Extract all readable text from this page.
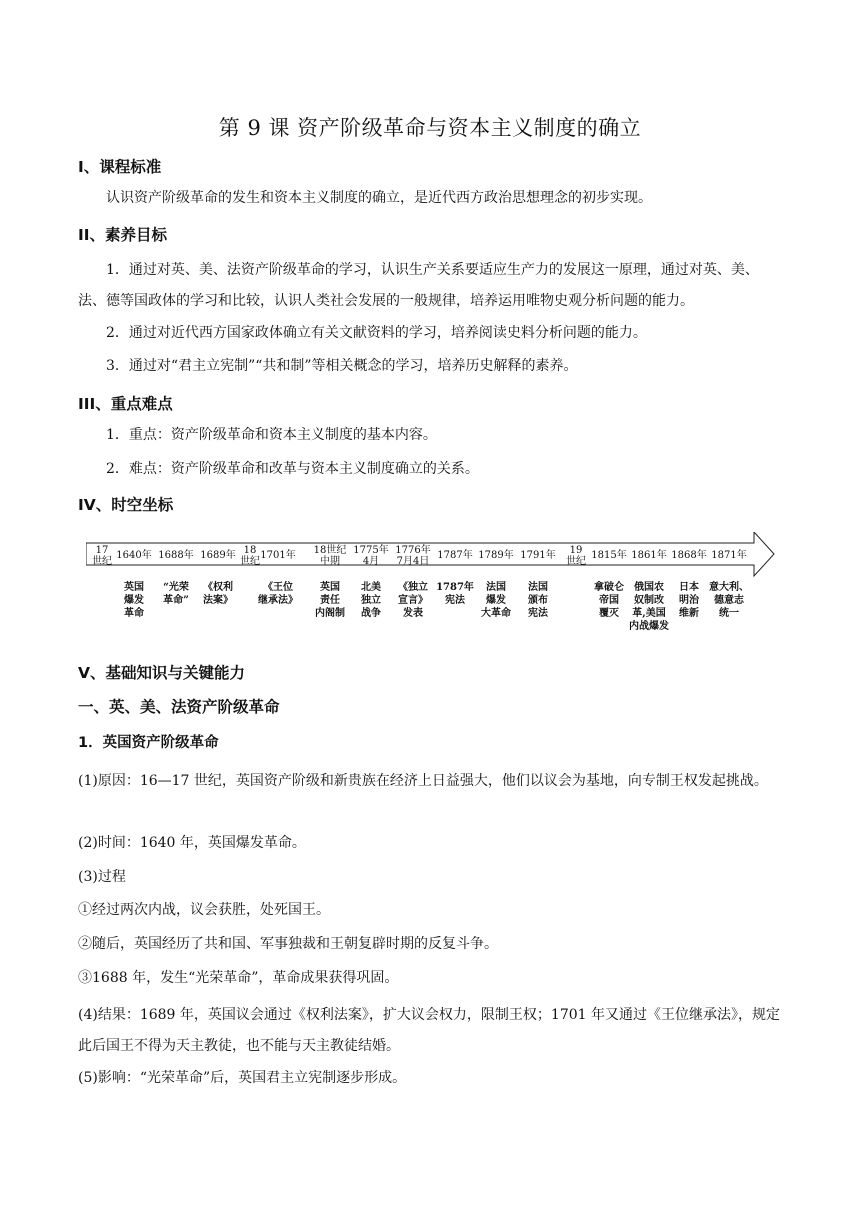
第 9 课 资产阶级革命与资本主义制度的确立
I、课程标准
认识资产阶级革命的发生和资本主义制度的确立，是近代西方政治思想理念的初步实现。
II、素养目标
1．通过对英、美、法资产阶级革命的学习，认识生产关系要适应生产力的发展这一原理，通过对英、美、法、德等国政体的学习和比较，认识人类社会发展的一般规律，培养运用唯物史观分析问题的能力。
2．通过对近代西方国家政体确立有关文献资料的学习，培养阅读史料分析问题的能力。
3．通过对“君主立宪制”“共和制”等相关概念的学习，培养历史解释的素养。
III、重点难点
1．重点：资产阶级革命和资本主义制度的基本内容。
2．难点：资产阶级革命和改革与资本主义制度确立的关系。
IV、时空坐标
17 世纪
1640年 1688年 1689年 18 世纪
1701年 18世纪中期
1775年 4月
1776年 7月4日
1787年 1789年 1791年	19 世纪
1815年 1861年 1868年 1871年
英国爆发革命
“光荣革命”
《权利法案》
《王位继承法》
英国责任内阁制
北美独立战争
《独立宣言》发表
1787年宪法
法国爆发大革命
法国颁布宪法
拿破仑帝国覆灭
俄国农奴制改革,美国内战爆发
日本明治维新
意大利、德意志统一
V、基础知识与关键能力
一、英、美、法资产阶级革命
1．英国资产阶级革命
(1)原因：16—17 世纪，英国资产阶级和新贵族在经济上日益强大，他们以议会为基地，向专制王权发起挑战。
(2)时间：1640 年，英国爆发革命。
(3)过程
①经过两次内战，议会获胜，处死国王。
②随后，英国经历了共和国、军事独裁和王朝复辟时期的反复斗争。
③1688 年，发生“光荣革命”，革命成果获得巩固。
(4)结果：1689 年，英国议会通过《权利法案》，扩大议会权力，限制王权；1701 年又通过《王位继承法》，规定此后国王不得为天主教徒，也不能与天主教徒结婚。
(5)影响：“光荣革命”后，英国君主立宪制逐步形成。
